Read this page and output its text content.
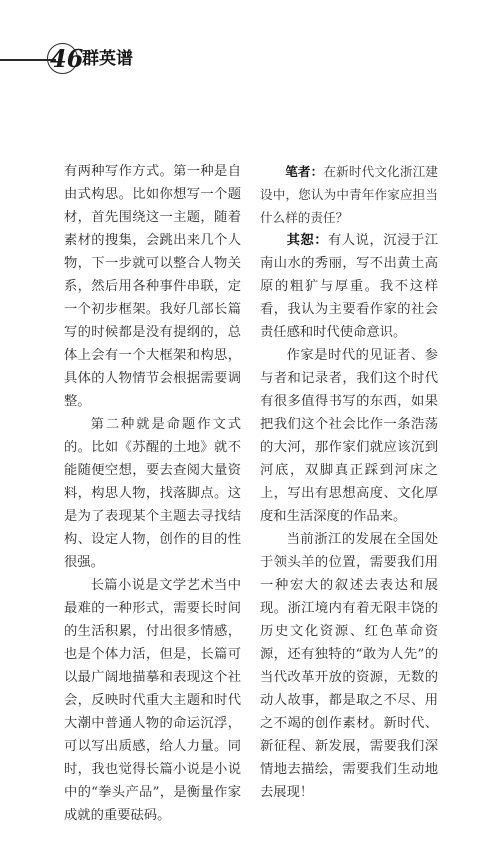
46
群英谱

有两种写作方式。第一种是自由式构思。比如你想写一个题材，首先围绕这一主题，随着素材的搜集，会跳出来几个人物，下一步就可以整合人物关系，然后用各种事件串联，定一个初步框架。我好几部长篇写的时候都是没有提纲的，总体上会有一个大框架和构思，具体的人物情节会根据需要调整。

第二种就是命题作文式的。比如《苏醒的土地》就不能随便空想，要去查阅大量资料，构思人物，找落脚点。这是为了表现某个主题去寻找结构、设定人物，创作的目的性很强。

长篇小说是文学艺术当中最难的一种形式，需要长时间的生活积累，付出很多情感，也是个体力活，但是，长篇可以最广阔地描摹和表现这个社会，反映时代重大主题和时代大潮中普通人物的命运沉浮，可以写出质感，给人力量。同时，我也觉得长篇小说是小说中的“拳头产品”，是衡量作家成就的重要砝码。

笔者：在新时代文化浙江建设中，您认为中青年作家应担当什么样的责任？

其恕：有人说，沉浸于江南山水的秀丽，写不出黄土高原的粗犷与厚重。我不这样看，我认为主要看作家的社会责任感和时代使命意识。

作家是时代的见证者、参与者和记录者，我们这个时代有很多值得书写的东西，如果把我们这个社会比作一条浩荡的大河，那作家们就应该沉到河底，双脚真正踩到河床之上，写出有思想高度、文化厚度和生活深度的作品来。

当前浙江的发展在全国处于领头羊的位置，需要我们用一种宏大的叙述去表达和展现。浙江境内有着无限丰饶的历史文化资源、红色革命资源，还有独特的“敢为人先”的当代改革开放的资源，无数的动人故事，都是取之不尽、用之不竭的创作素材。新时代、新征程、新发展，需要我们深情地去描绘，需要我们生动地去展现！
